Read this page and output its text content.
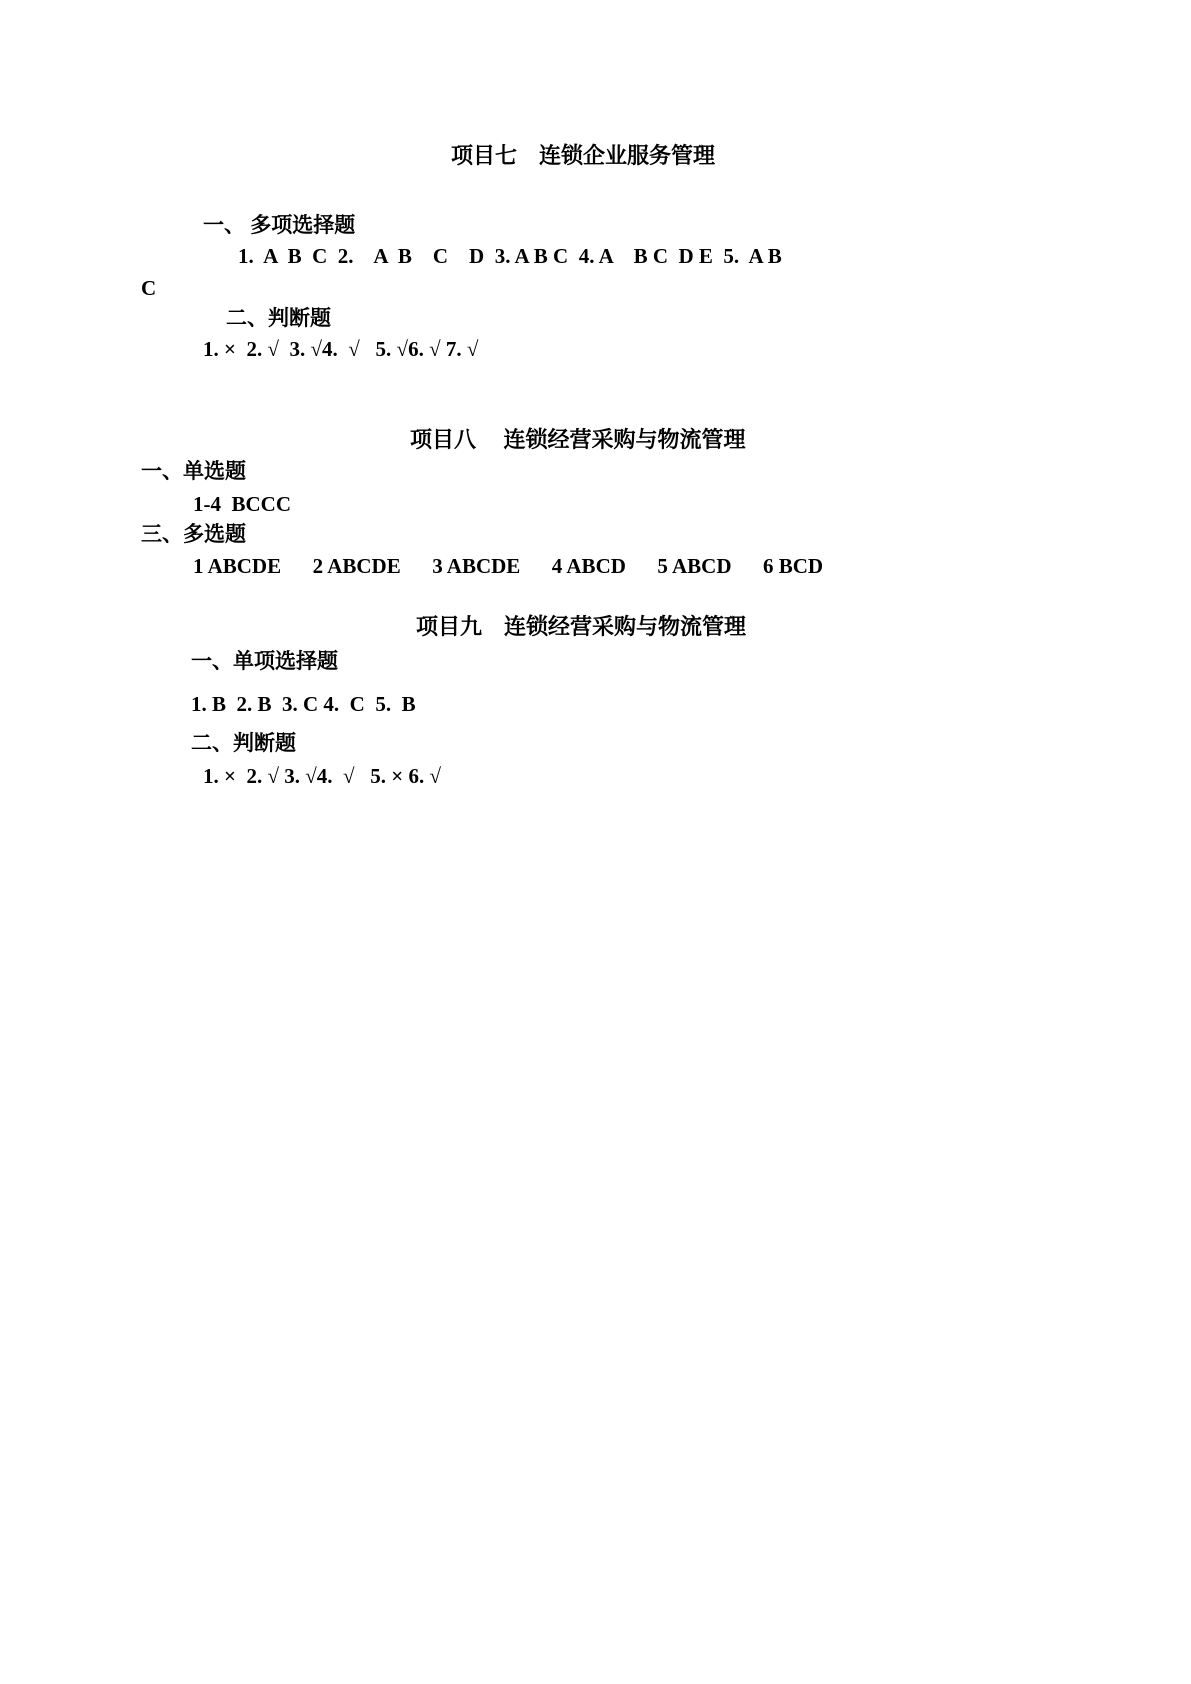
项目七　连锁企业服务管理
一、 多项选择题
1.  A  B  C  2.    A  B    C    D  3. A B C  4. A    B C  D E  5.  A B
C
二、判断题
1. ×  2. √  3. √4.  √   5. √6. √ 7. √
项目八　 连锁经营采购与物流管理
一、单选题
1-4  BCCC
三、多选题
1 ABCDE      2 ABCDE      3 ABCDE      4 ABCD      5 ABCD      6 BCD
项目九　连锁经营采购与物流管理
一、单项选择题
1. B  2. B  3. C 4.  C  5.  B
二、判断题
1. ×  2. √ 3. √4.  √   5. × 6. √
